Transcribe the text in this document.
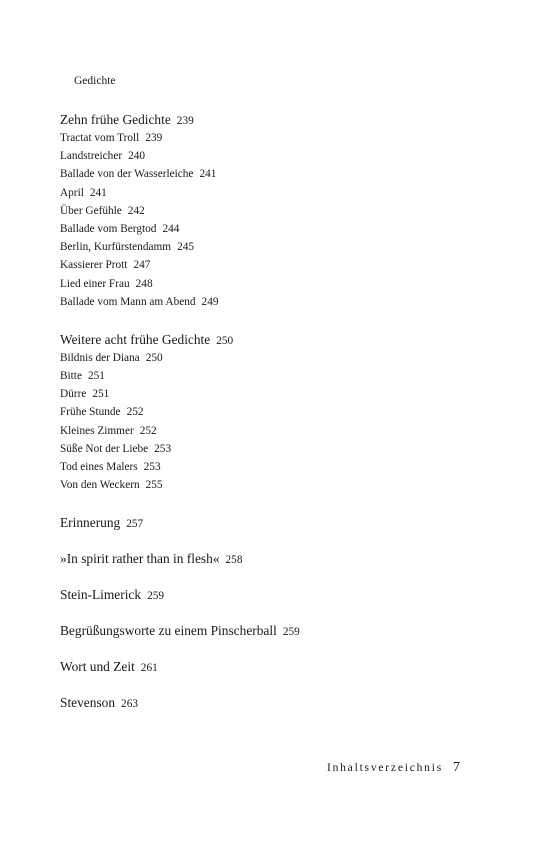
Gedichte
Zehn frühe Gedichte 239
Tractat vom Troll 239
Landstreicher 240
Ballade von der Wasserleiche 241
April 241
Über Gefühle 242
Ballade vom Bergtod 244
Berlin, Kurfürstendamm 245
Kassierer Prott 247
Lied einer Frau 248
Ballade vom Mann am Abend 249
Weitere acht frühe Gedichte 250
Bildnis der Diana 250
Bitte 251
Dürre 251
Frühe Stunde 252
Kleines Zimmer 252
Süße Not der Liebe 253
Tod eines Malers 253
Von den Weckern 255
Erinnerung 257
»In spirit rather than in flesh« 258
Stein-Limerick 259
Begrüßungsworte zu einem Pinscherball 259
Wort und Zeit 261
Stevenson 263
Inhaltsverzeichnis 7
